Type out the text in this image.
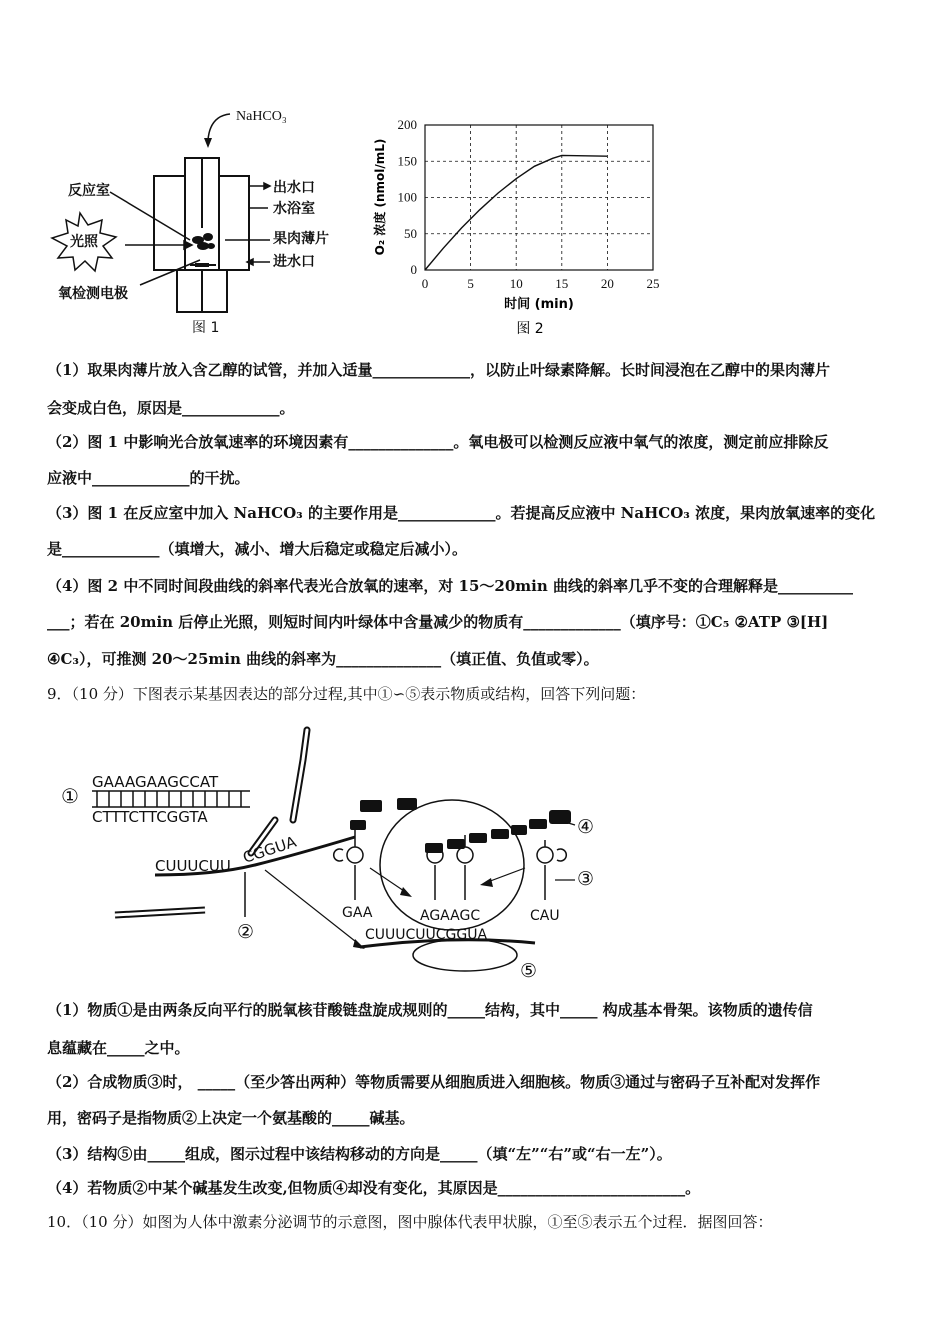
NaHCO₃
反应室
光照
氧检测电极
出水口
水浴室
果肉薄片
进水口
图 1
0	5	10	15	20	25
0
50
100
150
200
时间 (min)
O₂ 浓度 (nmol/mL)
图 2
（1）取果肉薄片放入含乙醇的试管，并加入适量_____________，以防止叶绿素降解。长时间浸泡在乙醇中的果肉薄片
会变成白色，原因是_____________。
（2）图 1 中影响光合放氧速率的环境因素有______________。氧电极可以检测反应液中氧气的浓度，测定前应排除反
应液中_____________的干扰。
（3）图 1 在反应室中加入 NaHCO₃ 的主要作用是_____________。若提高反应液中 NaHCO₃ 浓度，果肉放氧速率的变化
是_____________（填增大，减小、增大后稳定或稳定后减小）。
（4）图 2 中不同时间段曲线的斜率代表光合放氧的速率，对 15～20min 曲线的斜率几乎不变的合理解释是__________
___；若在 20min 后停止光照，则短时间内叶绿体中含量减少的物质有_____________（填序号：①C₅ ②ATP ③[H]
④C₃），可推测 20～25min 曲线的斜率为______________（填正值、负值或零）。
9．（10 分）下图表示某基因表达的部分过程,其中①∽⑤表示物质或结构，回答下列问题：
①
GAAAGAAGCCAT
CTTTCTTCGGTA
CUUUCUU CGGUA
②	CUUUCUUCGGUA
GAA	AGAAGC	CAU
④
③
⑤
（1）物质①是由两条反向平行的脱氧核苷酸链盘旋成规则的_____结构，其中_____ 构成基本骨架。该物质的遗传信
息蕴藏在_____之中。
（2）合成物质③时， _____（至少答出两种）等物质需要从细胞质进入细胞核。物质③通过与密码子互补配对发挥作
用，密码子是指物质②上决定一个氨基酸的_____碱基。
（3）结构⑤由_____组成，图示过程中该结构移动的方向是_____（填“左”“右”或“右一左”）。
（4）若物质②中某个碱基发生改变,但物质④却没有变化，其原因是_________________________。
10．（10 分）如图为人体中激素分泌调节的示意图，图中腺体代表甲状腺，①至⑤表示五个过程．据图回答：
